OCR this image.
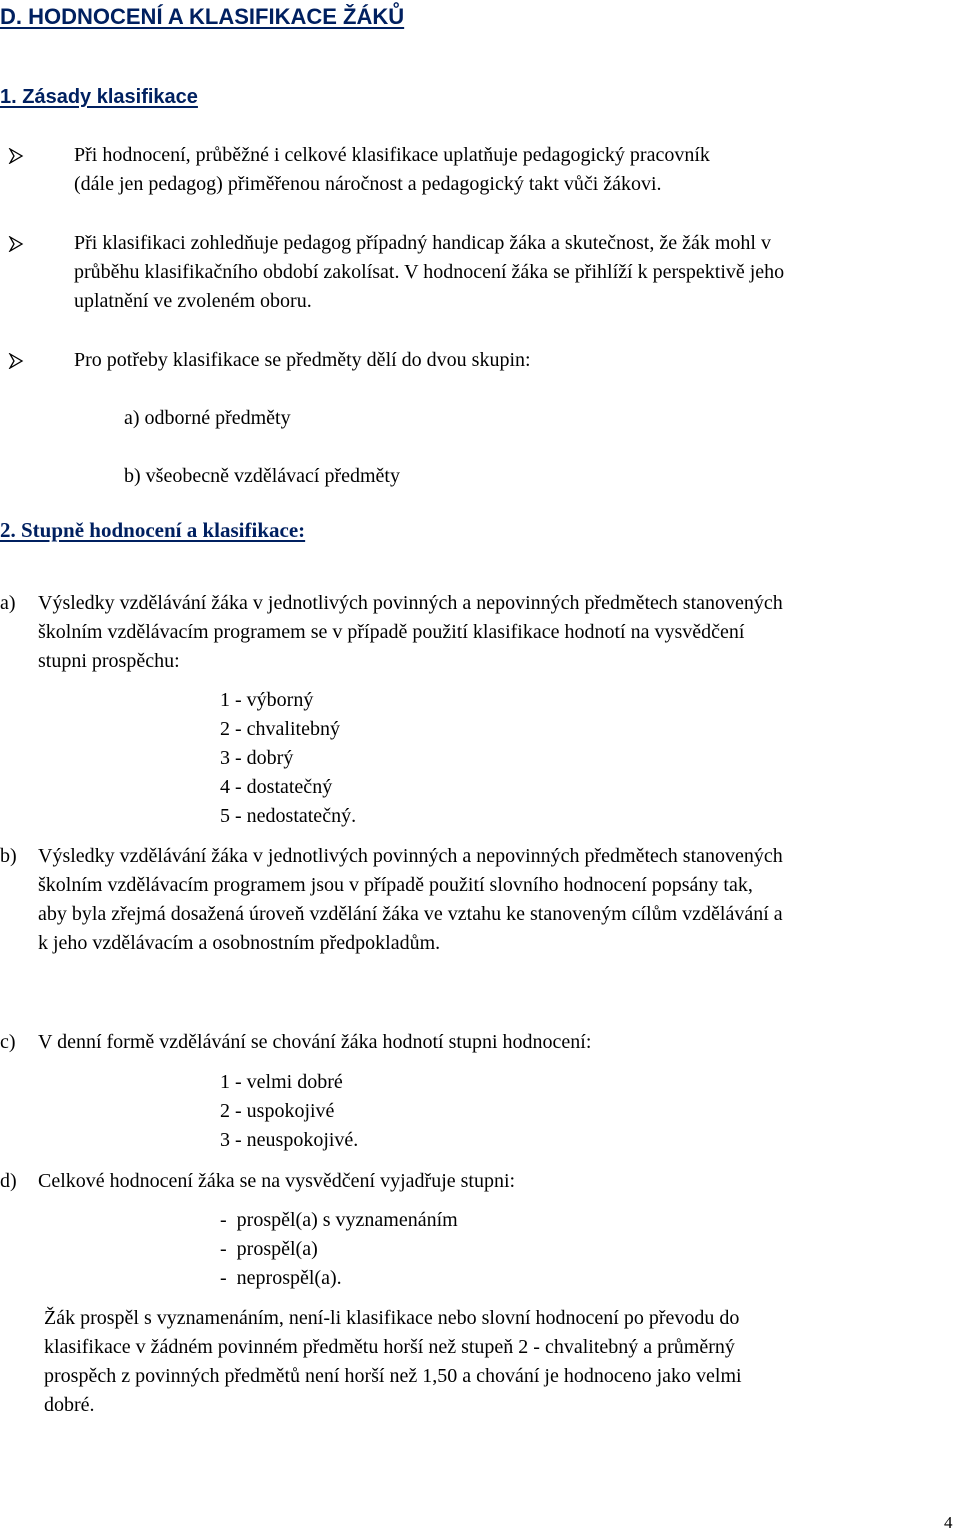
D. HODNOCENÍ A KLASIFIKACE ŽÁKŮ
1. Zásady klasifikace
Při hodnocení, průběžné i celkové klasifikace uplatňuje pedagogický pracovník
(dále jen pedagog) přiměřenou náročnost a pedagogický takt vůči žákovi.
Při klasifikaci zohledňuje pedagog případný handicap žáka a skutečnost, že žák mohl v
průběhu klasifikačního období zakolísat. V hodnocení žáka se přihlíží k perspektivě jeho
uplatnění ve zvoleném oboru.
Pro potřeby klasifikace se předměty dělí do dvou skupin:
a) odborné předměty
b) všeobecně vzdělávací předměty
2. Stupně hodnocení a klasifikace:
a) Výsledky vzdělávání žáka v jednotlivých povinných a nepovinných předmětech stanovených
školním vzdělávacím programem se v případě použití klasifikace hodnotí na vysvědčení
stupni prospěchu:
1 - výborný
2 - chvalitebný
3 - dobrý
4 - dostatečný
5 - nedostatečný.
b) Výsledky vzdělávání žáka v jednotlivých povinných a nepovinných předmětech stanovených
školním vzdělávacím programem jsou v případě použití slovního hodnocení popsány tak,
aby byla zřejmá dosažená úroveň vzdělání žáka ve vztahu ke stanoveným cílům vzdělávání a
k jeho vzdělávacím a osobnostním předpokladům.
c) V denní formě vzdělávání se chování žáka hodnotí stupni hodnocení:
1 - velmi dobré
2 - uspokojivé
3 - neuspokojivé.
d) Celkové hodnocení žáka se na vysvědčení vyjadřuje stupni:
-  prospěl(a) s vyznamenáním
-  prospěl(a)
-  neprospěl(a).
Žák prospěl s vyznamenáním, není-li klasifikace nebo slovní hodnocení po převodu do
klasifikace v žádném povinném předmětu horší než stupeň 2 - chvalitebný a průměrný
prospěch z povinných předmětů není horší než 1,50 a chování je hodnoceno jako velmi
dobré.
4
